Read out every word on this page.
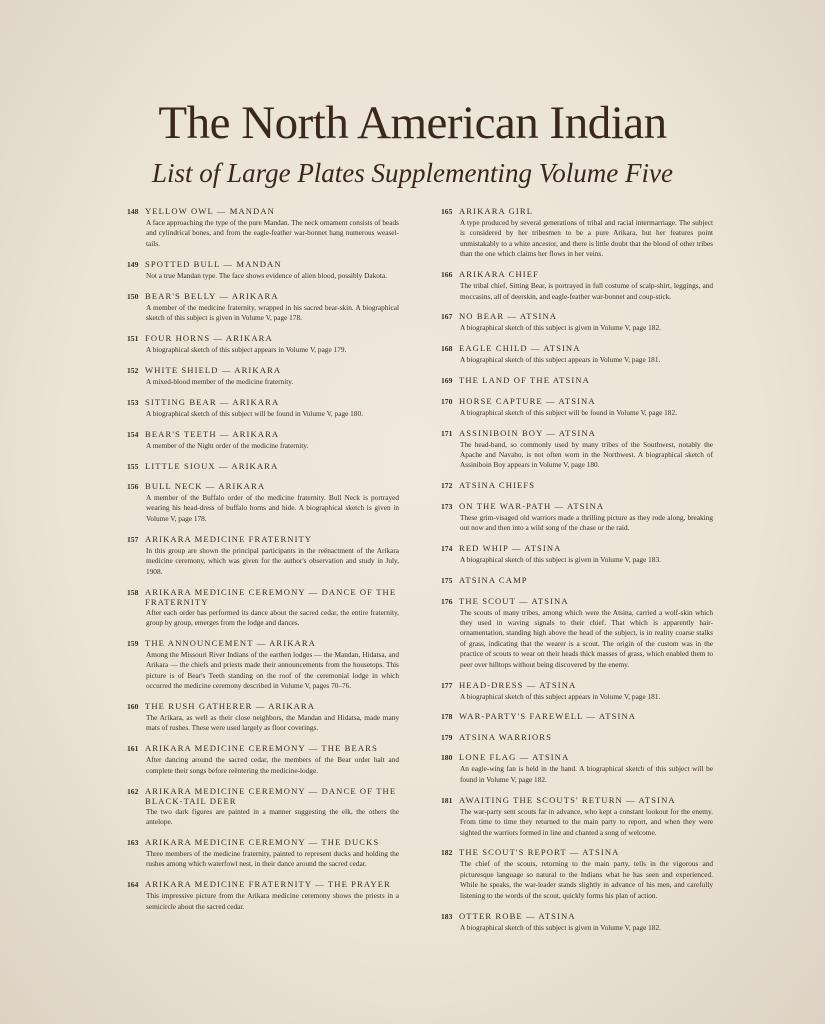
The North American Indian
List of Large Plates Supplementing Volume Five
148 YELLOW OWL — MANDAN
A face approaching the type of the pure Mandan. The neck ornament consists of beads and cylindrical bones, and from the eagle-feather war-bonnet hang numerous weasel-tails.
149 SPOTTED BULL — MANDAN
Not a true Mandan type. The face shows evidence of alien blood, possibly Dakota.
150 BEAR'S BELLY — ARIKARA
A member of the medicine fraternity, wrapped in his sacred bear-skin. A biographical sketch of this subject is given in Volume V, page 178.
151 FOUR HORNS — ARIKARA
A biographical sketch of this subject appears in Volume V, page 179.
152 WHITE SHIELD — ARIKARA
A mixed-blood member of the medicine fraternity.
153 SITTING BEAR — ARIKARA
A biographical sketch of this subject will be found in Volume V, page 180.
154 BEAR'S TEETH — ARIKARA
A member of the Night order of the medicine fraternity.
155 LITTLE SIOUX — ARIKARA
156 BULL NECK — ARIKARA
A member of the Buffalo order of the medicine fraternity. Bull Neck is portrayed wearing his head-dress of buffalo horns and hide. A biographical sketch is given in Volume V, page 178.
157 ARIKARA MEDICINE FRATERNITY
In this group are shown the principal participants in the reënactment of the Arikara medicine ceremony, which was given for the author's observation and study in July, 1908.
158 ARIKARA MEDICINE CEREMONY — DANCE OF THE FRATERNITY
After each order has performed its dance about the sacred cedar, the entire fraternity, group by group, emerges from the lodge and dances.
159 THE ANNOUNCEMENT — ARIKARA
Among the Missouri River Indians of the earthen lodges — the Mandan, Hidatsa, and Arikara — the chiefs and priests made their announcements from the housetops. This picture is of Bear's Teeth standing on the roof of the ceremonial lodge in which occurred the medicine ceremony described in Volume V, pages 70–76.
160 THE RUSH GATHERER — ARIKARA
The Arikara, as well as their close neighbors, the Mandan and Hidatsa, made many mats of rushes. These were used largely as floor coverings.
161 ARIKARA MEDICINE CEREMONY — THE BEARS
After dancing around the sacred cedar, the members of the Bear order halt and complete their songs before reëntering the medicine-lodge.
162 ARIKARA MEDICINE CEREMONY — DANCE OF THE BLACK-TAIL DEER
The two dark figures are painted in a manner suggesting the elk, the others the antelope.
163 ARIKARA MEDICINE CEREMONY — THE DUCKS
Three members of the medicine fraternity, painted to represent ducks and holding the rushes among which waterfowl nest, in their dance around the sacred cedar.
164 ARIKARA MEDICINE FRATERNITY — THE PRAYER
This impressive picture from the Arikara medicine ceremony shows the priests in a semicircle about the sacred cedar.
165 ARIKARA GIRL
A type produced by several generations of tribal and racial intermarriage. The subject is considered by her tribesmen to be a pure Arikara, but her features point unmistakably to a white ancestor, and there is little doubt that the blood of other tribes than the one which claims her flows in her veins.
166 ARIKARA CHIEF
The tribal chief, Sitting Bear, is portrayed in full costume of scalp-shirt, leggings, and moccasins, all of deerskin, and eagle-feather war-bonnet and coup-stick.
167 NO BEAR — ATSINA
A biographical sketch of this subject is given in Volume V, page 182.
168 EAGLE CHILD — ATSINA
A biographical sketch of this subject appears in Volume V, page 181.
169 THE LAND OF THE ATSINA
170 HORSE CAPTURE — ATSINA
A biographical sketch of this subject will be found in Volume V, page 182.
171 ASSINIBOIN BOY — ATSINA
The head-band, so commonly used by many tribes of the Southwest, notably the Apache and Navaho, is not often worn in the Northwest. A biographical sketch of Assiniboin Boy appears in Volume V, page 180.
172 ATSINA CHIEFS
173 ON THE WAR-PATH — ATSINA
These grim-visaged old warriors made a thrilling picture as they rode along, breaking out now and then into a wild song of the chase or the raid.
174 RED WHIP — ATSINA
A biographical sketch of this subject is given in Volume V, page 183.
175 ATSINA CAMP
176 THE SCOUT — ATSINA
The scouts of many tribes, among which were the Atsina, carried a wolf-skin which they used in waving signals to their chief. That which is apparently hair-ornamentation, standing high above the head of the subject, is in reality coarse stalks of grass, indicating that the wearer is a scout. The origin of the custom was in the practice of scouts to wear on their heads thick masses of grass, which enabled them to peer over hilltops without being discovered by the enemy.
177 HEAD-DRESS — ATSINA
A biographical sketch of this subject appears in Volume V, page 181.
178 WAR-PARTY'S FAREWELL — ATSINA
179 ATSINA WARRIORS
180 LONE FLAG — ATSINA
An eagle-wing fan is held in the hand. A biographical sketch of this subject will be found in Volume V, page 182.
181 AWAITING THE SCOUTS' RETURN — ATSINA
The war-party sent scouts far in advance, who kept a constant lookout for the enemy. From time to time they returned to the main party to report, and when they were sighted the warriors formed in line and chanted a song of welcome.
182 THE SCOUT'S REPORT — ATSINA
The chief of the scouts, returning to the main party, tells in the vigorous and picturesque language so natural to the Indians what he has seen and experienced. While he speaks, the war-leader stands slightly in advance of his men, and carefully listening to the words of the scout, quickly forms his plan of action.
183 OTTER ROBE — ATSINA
A biographical sketch of this subject is given in Volume V, page 182.
